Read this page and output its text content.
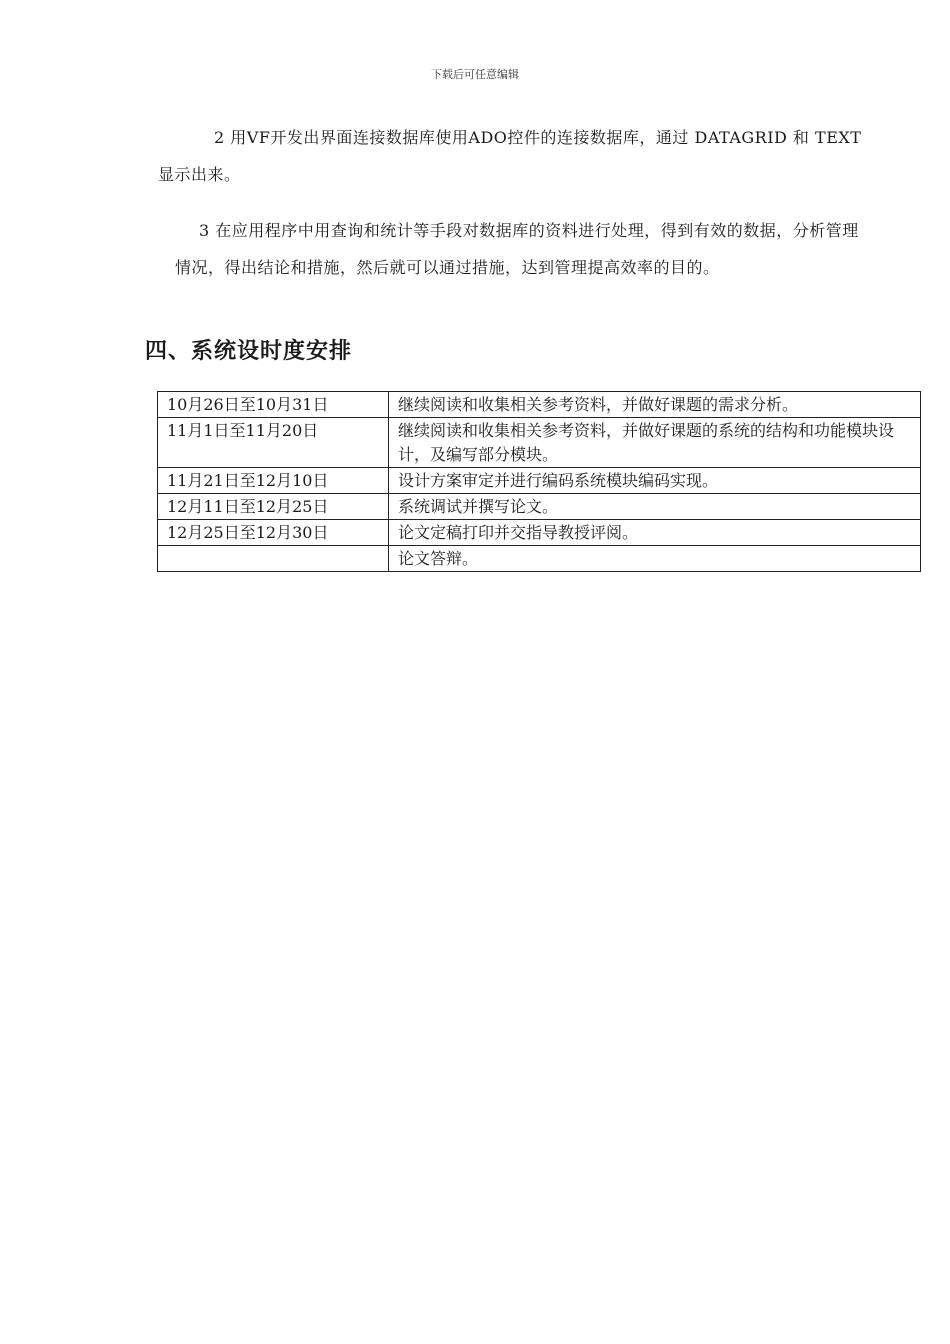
下载后可任意编辑

2 用VF开发出界面连接数据库使用ADO控件的连接数据库，通过 DATAGRID 和 TEXT显示出来。

3 在应用程序中用查询和统计等手段对数据库的资料进行处理，得到有效的数据，分析管理情况，得出结论和措施，然后就可以通过措施，达到管理提高效率的目的。

四、系统设时度安排
10月26日至10月31日	继续阅读和收集相关参考资料，并做好课题的需求分析。
11月1日至11月20日	继续阅读和收集相关参考资料，并做好课题的系统的结构和功能模块设计，及编写部分模块。
11月21日至12月10日	设计方案审定并进行编码系统模块编码实现。
12月11日至12月25日	系统调试并撰写论文。
12月25日至12月30日	论文定稿打印并交指导教授评阅。
	论文答辩。
